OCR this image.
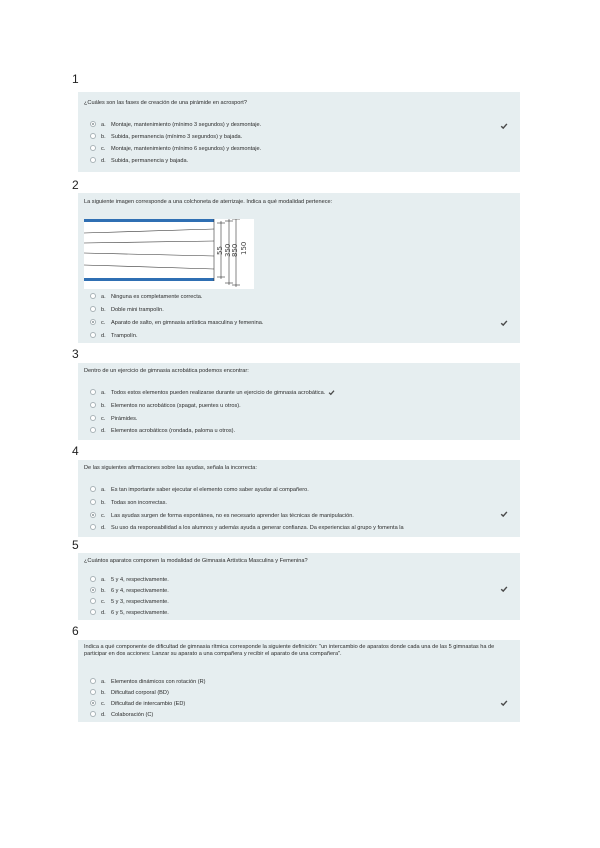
1
¿Cuáles son las fases de creación de una pirámide en acrosport?
a. Montaje, mantenimiento (mínimo 3 segundos) y desmontaje.
b. Subida, permanencia (mínimo 3 segundos) y bajada.
c. Montaje, mantenimiento (mínimo 6 segundos) y desmontaje.
d. Subida, permanencia y bajada.
2
La siguiente imagen corresponde a una colchoneta de aterrizaje. Indica a qué modalidad pertenece:
55 350 850 150
a. Ninguna es completamente correcta.
b. Doble mini trampolín.
c. Aparato de salto, en gimnasia artística masculina y femenina.
d. Trampolín.
3
Dentro de un ejercicio de gimnasia acrobática podemos encontrar:
a. Todos estos elementos pueden realizarse durante un ejercicio de gimnasia acrobática.
b. Elementos no acrobáticos (spagat, puentes u otros).
c. Pirámides.
d. Elementos acrobáticos (rondada, paloma u otros).
4
De las siguientes afirmaciones sobre las ayudas, señala la incorrecta:
a. Es tan importante saber ejecutar el elemento como saber ayudar al compañero.
b. Todas son incorrectas.
c. Las ayudas surgen de forma espontánea, no es necesario aprender las técnicas de manipulación.
d. Su uso da responsabilidad a los alumnos y además ayuda a generar confianza. Da experiencias al grupo y fomenta la
5
¿Cuántos aparatos componen la modalidad de Gimnasia Artística Masculina y Femenina?
a. 5 y 4, respectivamente.
b. 6 y 4, respectivamente.
c. 5 y 3, respectivamente.
d. 6 y 5, respectivamente.
6
Indica a qué componente de dificultad de gimnasia rítmica corresponde la siguiente definición: "un intercambio de aparatos donde cada una de las 5 gimnastas ha de participar en dos acciones: Lanzar su aparato a una compañera y recibir el aparato de una compañera".
a. Elementos dinámicos con rotación (R)
b. Dificultad corporal (BD)
c. Dificultad de intercambio (ED)
d. Colaboración (C)
